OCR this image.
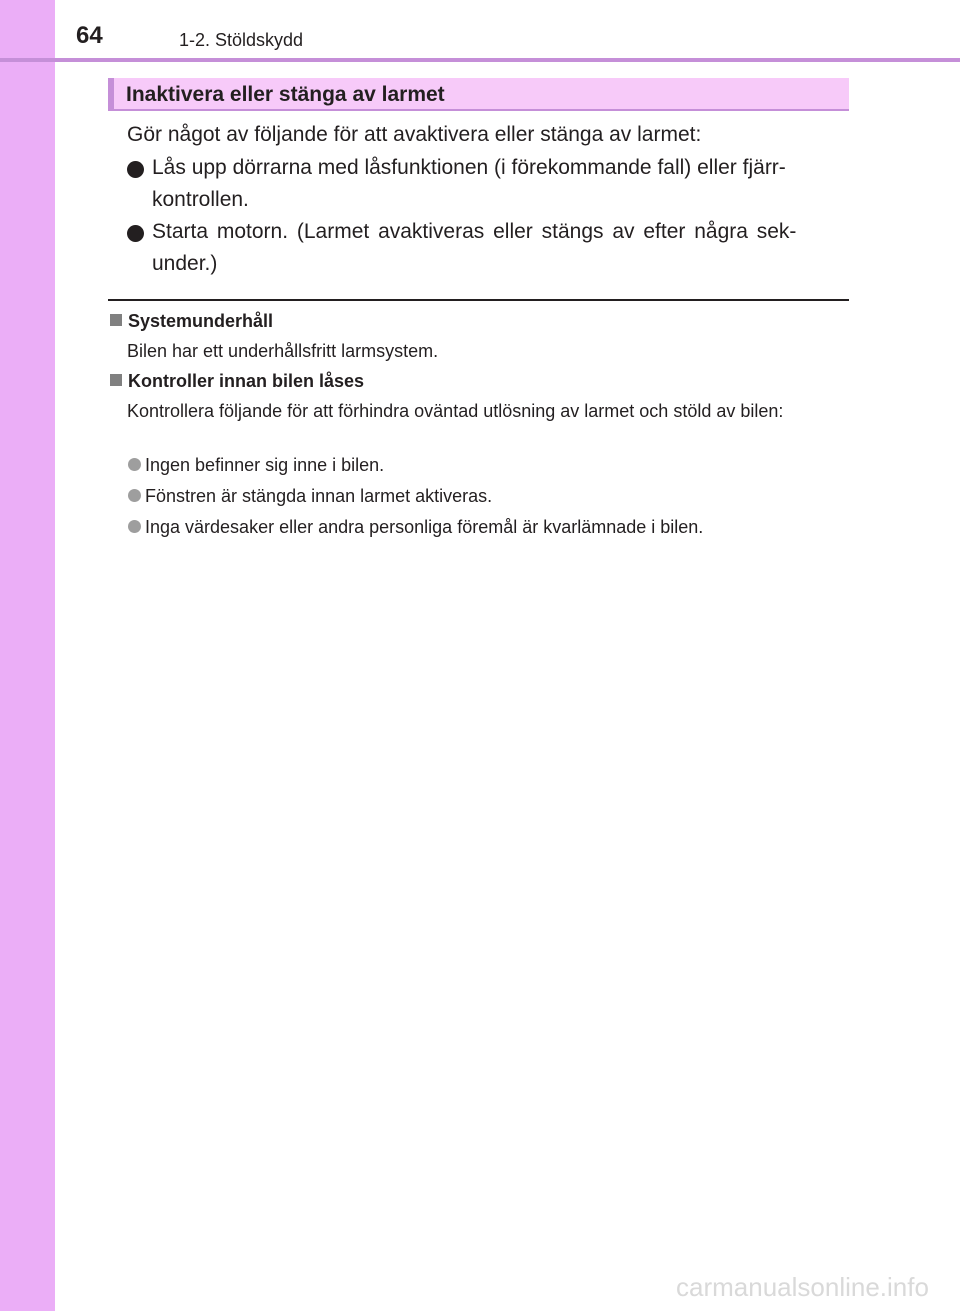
64	1-2. Stöldskydd
Inaktivera eller stänga av larmet
Gör något av följande för att avaktivera eller stänga av larmet:
Lås upp dörrarna med låsfunktionen (i förekommande fall) eller fjärr-
kontrollen.
Starta motorn. (Larmet avaktiveras eller stängs av efter några sek-
under.)
Systemunderhåll
Bilen har ett underhållsfritt larmsystem.
Kontroller innan bilen låses
Kontrollera följande för att förhindra oväntad utlösning av larmet och stöld av bilen:
Ingen befinner sig inne i bilen.
Fönstren är stängda innan larmet aktiveras.
Inga värdesaker eller andra personliga föremål är kvarlämnade i bilen.
carmanualsonline.info
